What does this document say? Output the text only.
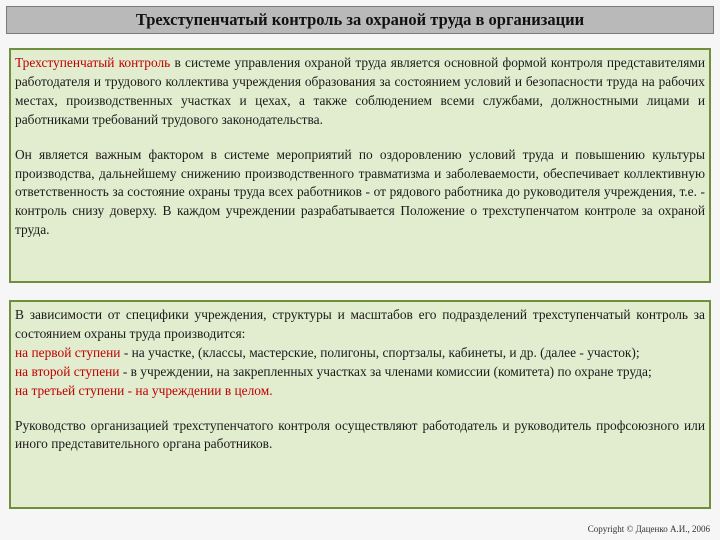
Трехступенчатый контроль за охраной труда в организации

Трехступенчатый контроль в системе управления охраной труда является основной формой контроля представителями работодателя и трудового коллектива учреждения образования за состоянием условий и безопасности труда на рабочих местах, производственных участках и цехах, а также соблюдением всеми службами, должностными лицами и работниками требований трудового законодательства.

Он является важным фактором в системе мероприятий по оздоровлению условий труда и повышению культуры производства, дальнейшему снижению производственного травматизма и заболеваемости, обеспечивает коллективную ответственность за состояние охраны труда всех работников - от рядового работника до руководителя учреждения, т.е. - контроль снизу доверху. В каждом учреждении разрабатывается Положение о трехступенчатом контроле за охраной труда.

В зависимости от специфики учреждения, структуры и масштабов его подразделений трехступенчатый контроль за состоянием охраны труда производится:
на первой ступени - на участке, (классы, мастерские, полигоны, спортзалы, кабинеты, и др. (далее - участок);
на второй ступени - в учреждении, на закрепленных участках за членами комиссии (комитета) по охране труда;
на третьей ступени - на учреждении в целом.
Руководство организацией трехступенчатого контроля осуществляют работодатель и руководитель профсоюзного или иного представительного органа работников.
Copyright © Даценко А.И., 2006
